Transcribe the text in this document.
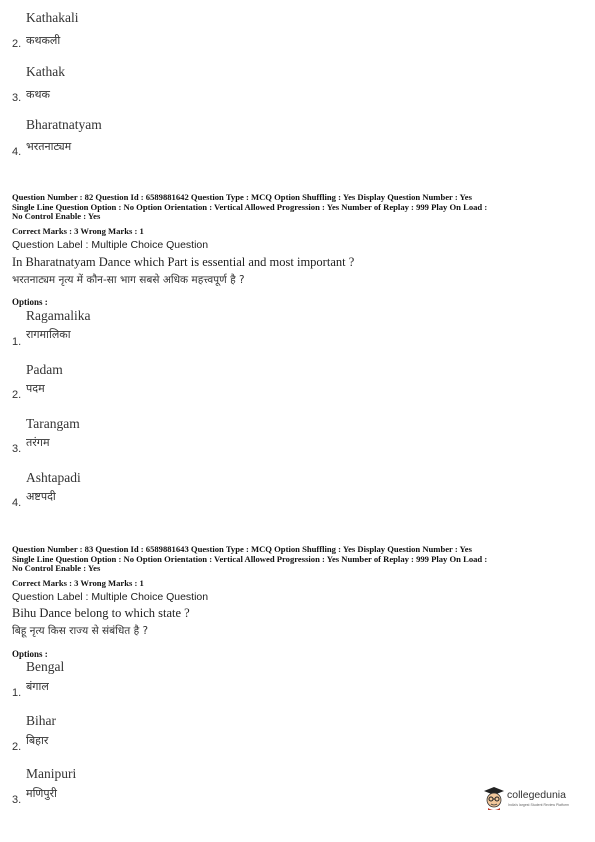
Kathakali
2. कथकली
Kathak
3. कथक
Bharatnatyam
4. भरतनाट्यम
Question Number : 82 Question Id : 6589881642 Question Type : MCQ Option Shuffling : Yes Display Question Number : Yes
Single Line Question Option : No Option Orientation : Vertical Allowed Progression : Yes Number of Replay : 999 Play On Load :
No Control Enable : Yes
Correct Marks : 3 Wrong Marks : 1
Question Label : Multiple Choice Question
In Bharatnatyam Dance which Part is essential and most important ?
भरतनाट्यम नृत्य में कौन-सा भाग सबसे अधिक महत्त्वपूर्ण है ?
Options :
Ragamalika
1.
रागमालिका
Padam
2. पदम
Tarangam
3. तरंगम
Ashtapadi
4. अष्टपदी
Question Number : 83 Question Id : 6589881643 Question Type : MCQ Option Shuffling : Yes Display Question Number : Yes
Single Line Question Option : No Option Orientation : Vertical Allowed Progression : Yes Number of Replay : 999 Play On Load :
No Control Enable : Yes
Correct Marks : 3 Wrong Marks : 1
Question Label : Multiple Choice Question
Bihu Dance belong to which state ?
बिहू नृत्य किस राज्य से संबंधित है ?
Options :
Bengal
1. बंगाल
Bihar
2. बिहार
Manipuri
3. मणिपुरी	collegedunia
India's largest Student Review Platform
